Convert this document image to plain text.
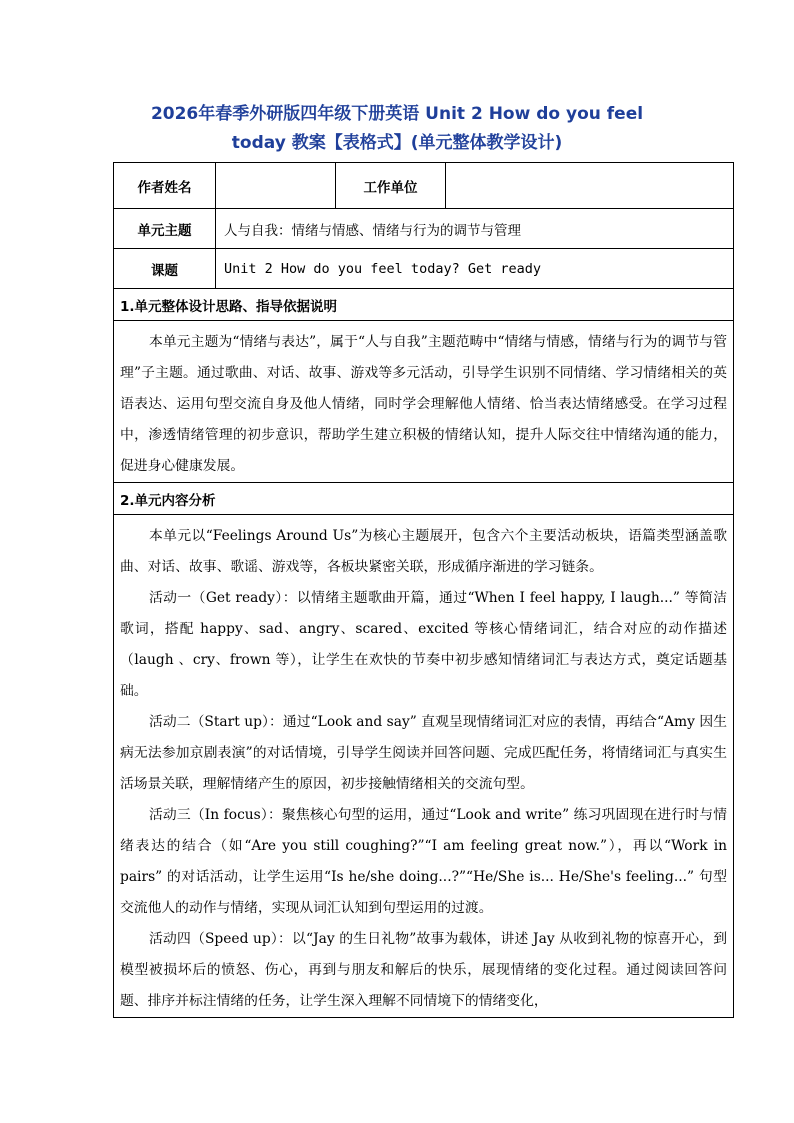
2026年春季外研版四年级下册英语 Unit 2 How do you feel
today 教案【表格式】(单元整体教学设计)
作者姓名		工作单位	
单元主题	人与自我：情绪与情感、情绪与行为的调节与管理		
课题	Unit 2 How do you feel today? Get ready		
1.单元整体设计思路、指导依据说明			

本单元主题为“情绪与表达”，属于“人与自我”主题范畴中“情绪与情感，情绪与行为的调节与管理”子主题。通过歌曲、对话、故事、游戏等多元活动，引导学生识别不同情绪、学习情绪相关的英语表达、运用句型交流自身及他人情绪，同时学会理解他人情绪、恰当表达情绪感受。在学习过程中，渗透情绪管理的初步意识，帮助学生建立积极的情绪认知，提升人际交往中情绪沟通的能力，促进身心健康发展。			

2.单元内容分析			

本单元以“Feelings Around Us”为核心主题展开，包含六个主要活动板块，语篇类型涵盖歌曲、对话、故事、歌谣、游戏等，各板块紧密关联，形成循序渐进的学习链条。

活动一（Get ready）：以情绪主题歌曲开篇，通过“When I feel happy, I laugh...” 等简洁歌词，搭配 happy、sad、angry、scared、excited 等核心情绪词汇，结合对应的动作描述（laugh 、cry、frown 等），让学生在欢快的节奏中初步感知情绪词汇与表达方式，奠定话题基础。

活动二（Start up）：通过“Look and say” 直观呈现情绪词汇对应的表情，再结合“Amy 因生病无法参加京剧表演”的对话情境，引导学生阅读并回答问题、完成匹配任务，将情绪词汇与真实生活场景关联，理解情绪产生的原因，初步接触情绪相关的交流句型。

活动三（In focus）：聚焦核心句型的运用，通过“Look and write” 练习巩固现在进行时与情绪表达的结合（如“Are you still coughing?”“I am feeling great now.”），再以“Work in pairs” 的对话活动，让学生运用“Is he/she doing...?”“He/She is... He/She's feeling...” 句型交流他人的动作与情绪，实现从词汇认知到句型运用的过渡。

活动四（Speed up）：以“Jay 的生日礼物”故事为载体，讲述 Jay 从收到礼物的惊喜开心，到模型被损坏后的愤怒、伤心，再到与朋友和解后的快乐，展现情绪的变化过程。通过阅读回答问题、排序并标注情绪的任务，让学生深入理解不同情境下的情绪变化，			
